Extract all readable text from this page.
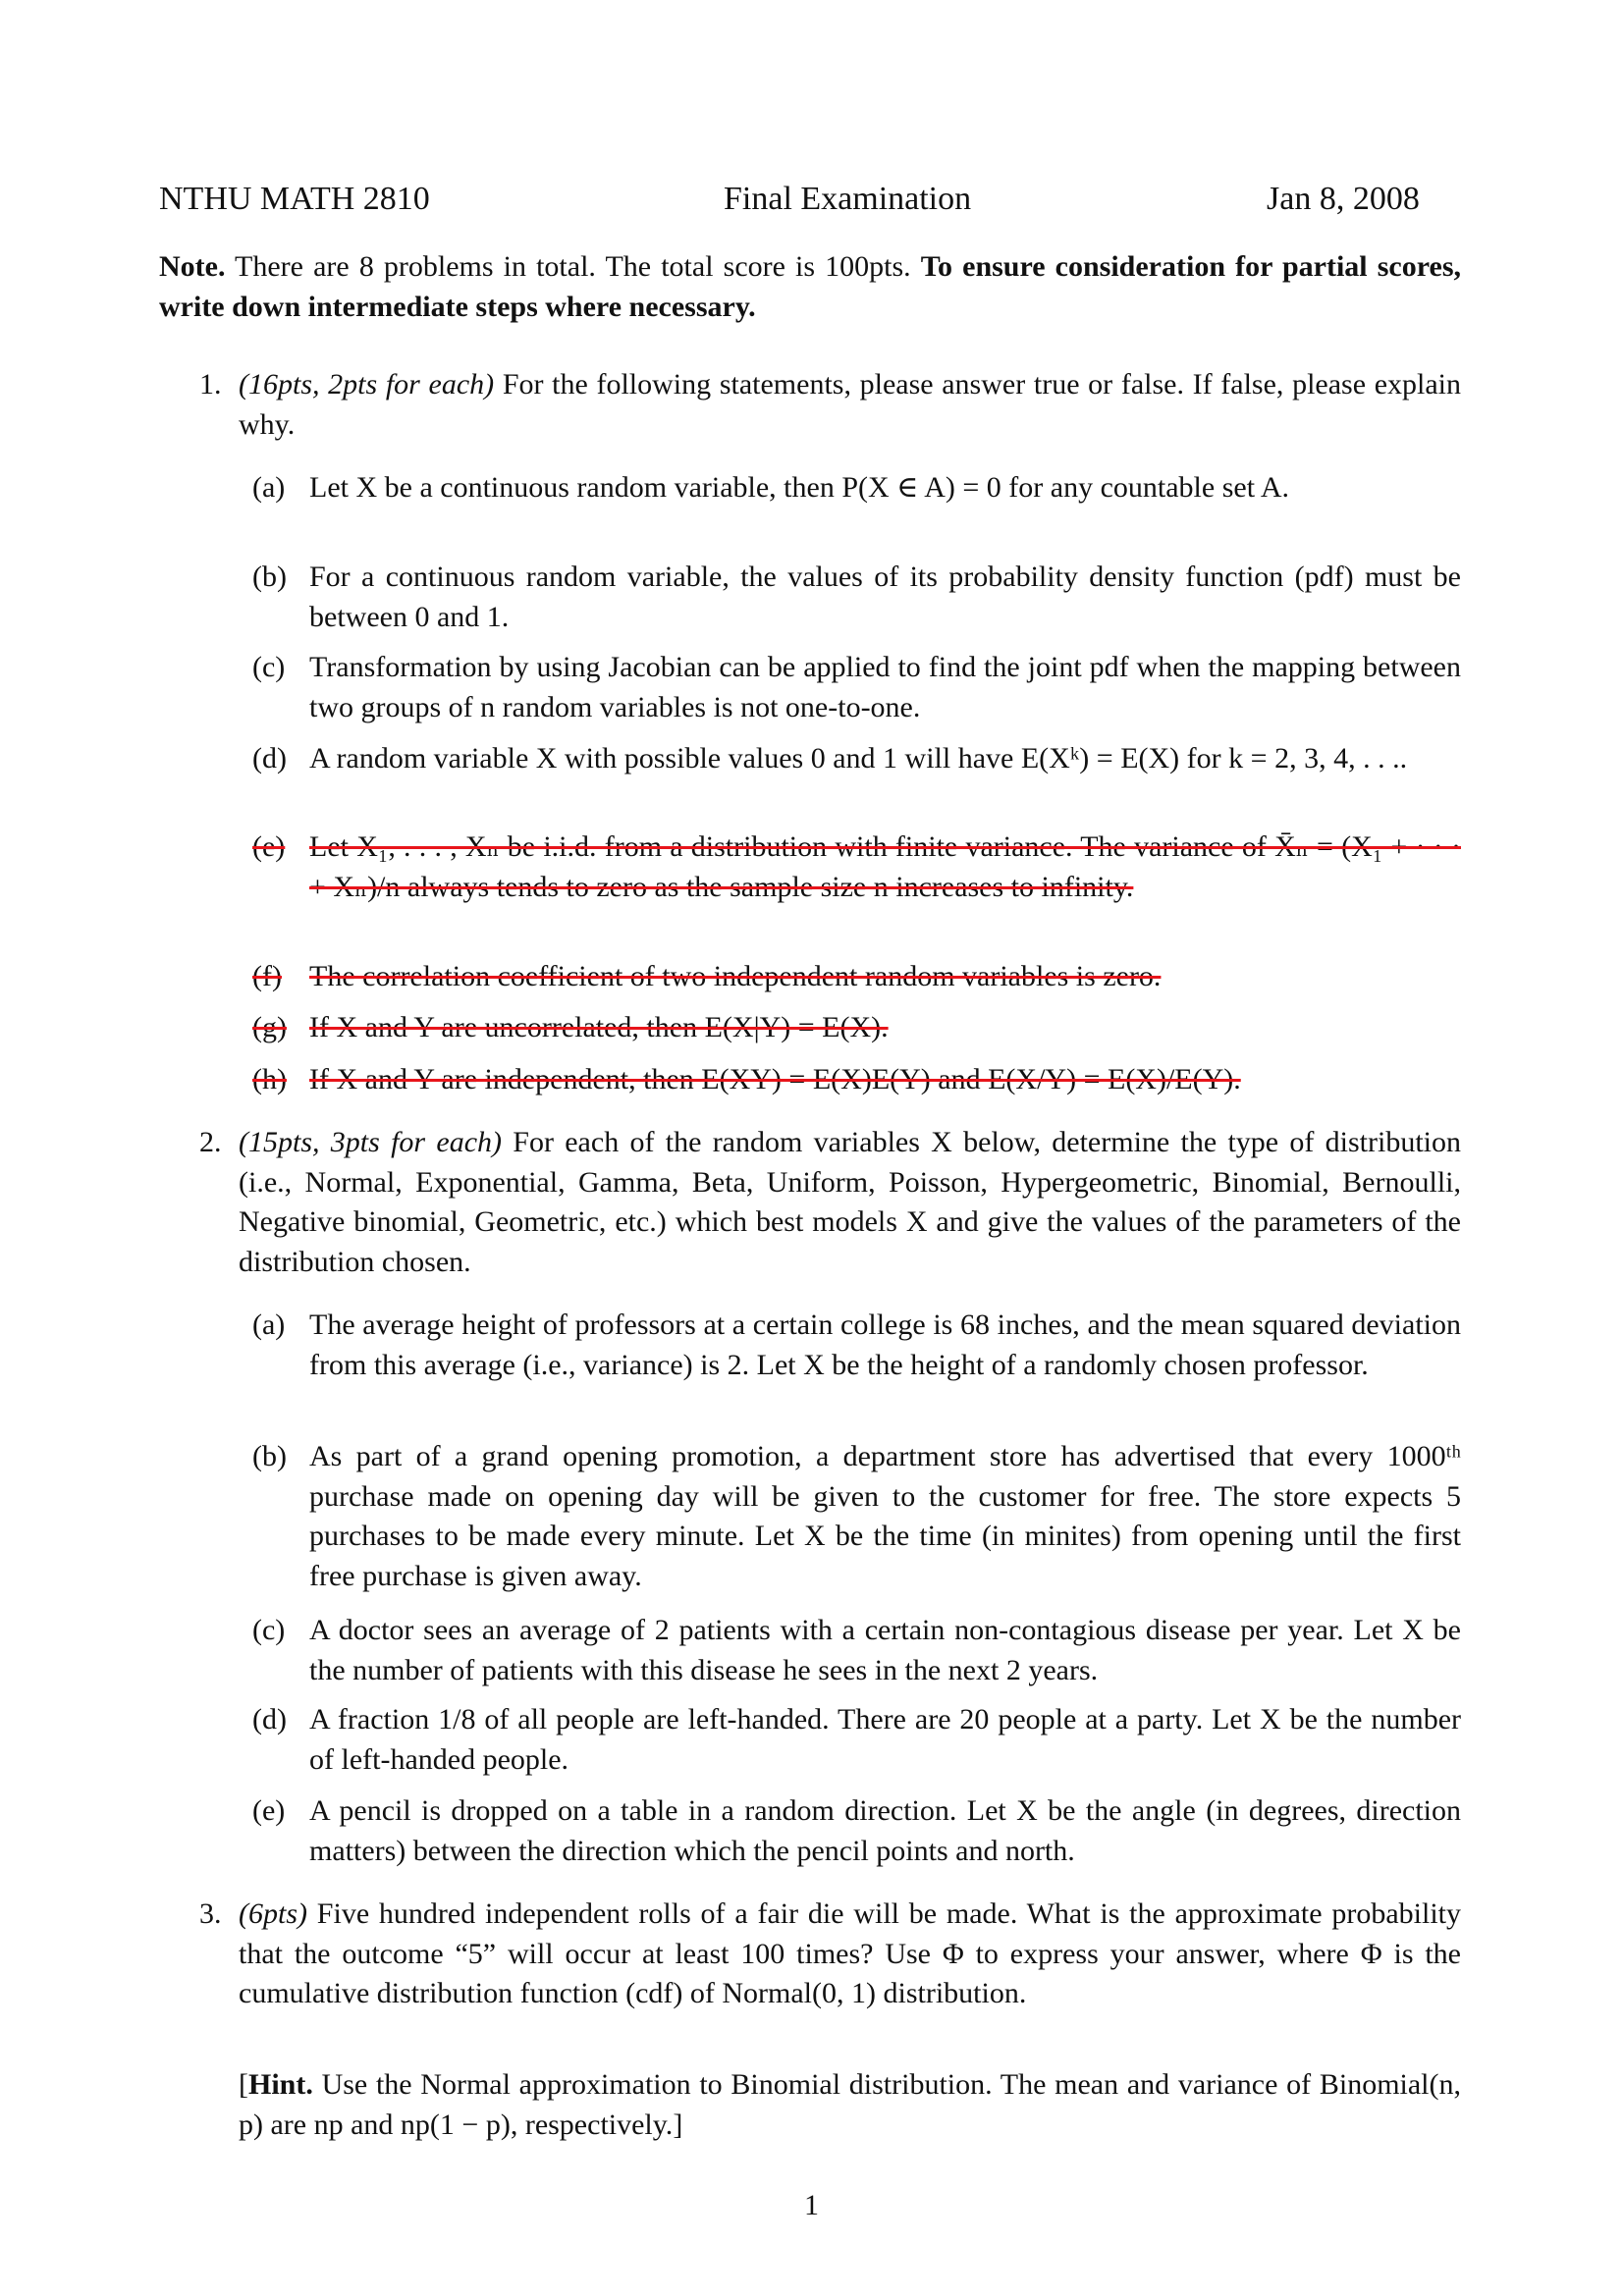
NTHU MATH 2810	Final Examination	Jan 8, 2008
Note. There are 8 problems in total. The total score is 100pts. To ensure consideration for partial scores, write down intermediate steps where necessary.
1. (16pts, 2pts for each) For the following statements, please answer true or false. If false, please explain why.
(a) Let X be a continuous random variable, then P(X ∈ A) = 0 for any countable set A.
(b) For a continuous random variable, the values of its probability density function (pdf) must be between 0 and 1.
(c) Transformation by using Jacobian can be applied to find the joint pdf when the mapping between two groups of n random variables is not one-to-one.
(d) A random variable X with possible values 0 and 1 will have E(Xᵏ) = E(X) for k = 2, 3, 4, . . ..
(e) Let X₁, . . . , Xₙ be i.i.d. from a distribution with finite variance. The variance of X̄ₙ = (X₁ + · · · + Xₙ)/n always tends to zero as the sample size n increases to infinity.
(f) The correlation coefficient of two independent random variables is zero.
(g) If X and Y are uncorrelated, then E(X|Y) = E(X).
(h) If X and Y are independent, then E(XY) = E(X)E(Y) and E(X/Y) = E(X)/E(Y).
2. (15pts, 3pts for each) For each of the random variables X below, determine the type of distribution (i.e., Normal, Exponential, Gamma, Beta, Uniform, Poisson, Hypergeometric, Binomial, Bernoulli, Negative binomial, Geometric, etc.) which best models X and give the values of the parameters of the distribution chosen.
(a) The average height of professors at a certain college is 68 inches, and the mean squared deviation from this average (i.e., variance) is 2. Let X be the height of a randomly chosen professor.
(b) As part of a grand opening promotion, a department store has advertised that every 1000ᵗʰ purchase made on opening day will be given to the customer for free. The store expects 5 purchases to be made every minute. Let X be the time (in minites) from opening until the first free purchase is given away.
(c) A doctor sees an average of 2 patients with a certain non-contagious disease per year. Let X be the number of patients with this disease he sees in the next 2 years.
(d) A fraction 1/8 of all people are left-handed. There are 20 people at a party. Let X be the number of left-handed people.
(e) A pencil is dropped on a table in a random direction. Let X be the angle (in degrees, direction matters) between the direction which the pencil points and north.
3. (6pts) Five hundred independent rolls of a fair die will be made. What is the approximate probability that the outcome “5” will occur at least 100 times? Use Φ to express your answer, where Φ is the cumulative distribution function (cdf) of Normal(0, 1) distribution.
[Hint. Use the Normal approximation to Binomial distribution. The mean and variance of Binomial(n, p) are np and np(1 − p), respectively.]
1
